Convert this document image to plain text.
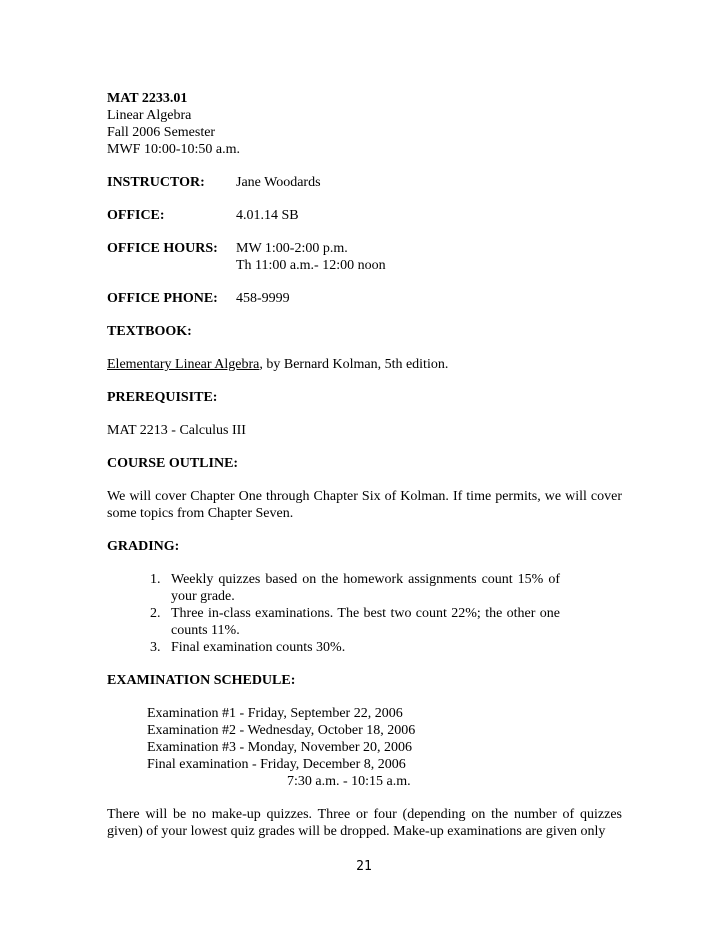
MAT 2233.01

Linear Algebra

Fall 2006 Semester

MWF 10:00-10:50 a.m.

INSTRUCTOR:	Jane Woodards
OFFICE:	4.01.14 SB
OFFICE HOURS:	MW 1:00-2:00 p.m.
Th 11:00 a.m.- 12:00 noon
OFFICE PHONE:	458-9999

TEXTBOOK:

Elementary Linear Algebra, by Bernard Kolman, 5th edition.

PREREQUISITE:

MAT 2213 - Calculus III

COURSE OUTLINE:

We will cover Chapter One through Chapter Six of Kolman. If time permits, we will cover some topics from Chapter Seven.

GRADING:

1. Weekly quizzes based on the homework assignments count 15% of your grade.
2. Three in-class examinations. The best two count 22%; the other one counts 11%.
3. Final examination counts 30%.

EXAMINATION SCHEDULE:

Examination #1 - Friday, September 22, 2006

Examination #2 - Wednesday, October 18, 2006

Examination #3 - Monday, November 20, 2006

Final examination - Friday, December 8, 2006

7:30 a.m. - 10:15 a.m.

There will be no make-up quizzes. Three or four (depending on the number of quizzes given) of your lowest quiz grades will be dropped. Make-up examinations are given only

21
